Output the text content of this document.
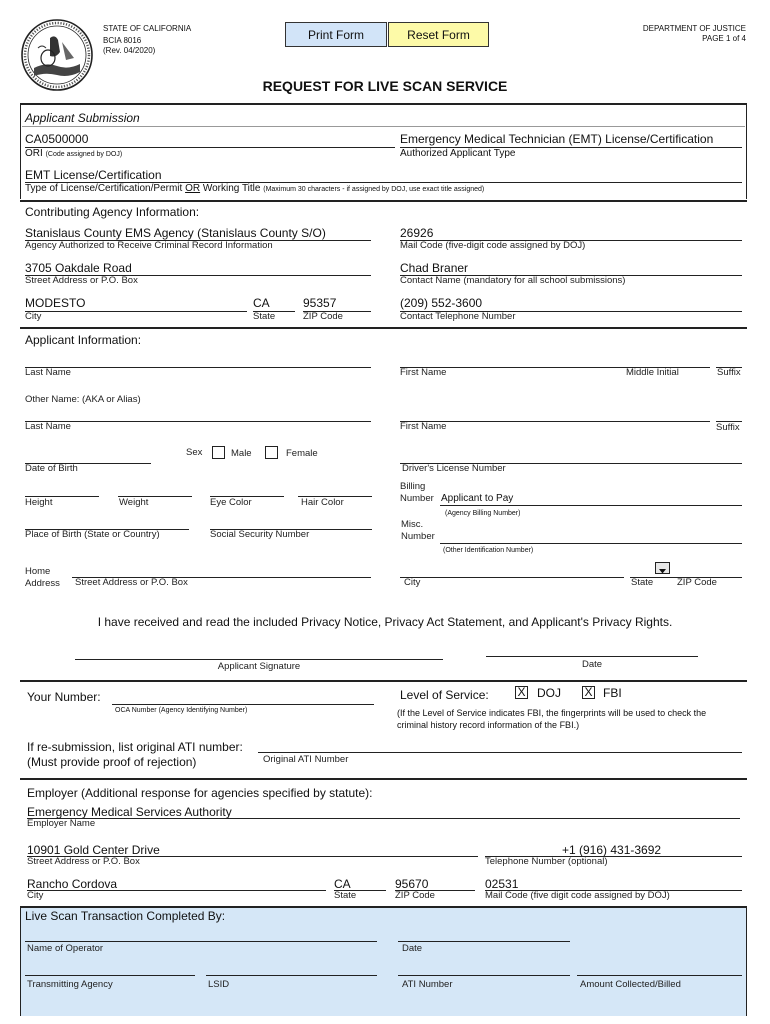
STATE OF CALIFORNIA
BCIA 8016
(Rev. 04/2020)
Print Form	Reset Form	DEPARTMENT OF JUSTICE
PAGE 1 of 4
REQUEST FOR LIVE SCAN SERVICE
Applicant Submission
CA0500000
ORI (Code assigned by DOJ)
Emergency Medical Technician (EMT) License/Certification
Authorized Applicant Type
EMT License/Certification
Type of License/Certification/Permit OR Working Title (Maximum 30 characters - if assigned by DOJ, use exact title assigned)
Contributing Agency Information:
Stanislaus County EMS Agency (Stanislaus County S/O)
Agency Authorized to Receive Criminal Record Information
26926
Mail Code (five-digit code assigned by DOJ)
3705 Oakdale Road
Street Address or P.O. Box
Chad Braner
Contact Name (mandatory for all school submissions)
MODESTO
City
CA
State
95357
ZIP Code
(209) 552-3600
Contact Telephone Number
Applicant Information:
Last Name	First Name	Middle Initial	Suffix
Other Name: (AKA or Alias)
Last Name	First Name	Suffix
Sex	Male	Female
Date of Birth	Driver's License Number
Height	Weight	Eye Color	Hair Color
Billing
Number Applicant to Pay
(Agency Billing Number)
Place of Birth (State or Country)	Social Security Number
Misc.
Number
(Other Identification Number)
Home
Address Street Address or P.O. Box	City	State	ZIP Code
I have received and read the included Privacy Notice, Privacy Act Statement, and Applicant's Privacy Rights.
Applicant Signature	Date
Your Number:
OCA Number (Agency Identifying Number)
Level of Service: X DOJ X FBI
(If the Level of Service indicates FBI, the fingerprints will be used to check the
criminal history record information of the FBI.)
If re-submission, list original ATI number:
(Must provide proof of rejection)	Original ATI Number
Employer (Additional response for agencies specified by statute):
Emergency Medical Services Authority
Employer Name
10901 Gold Center Drive
Street Address or P.O. Box
+1 (916) 431-3692
Telephone Number (optional)
Rancho Cordova
City
CA
State
95670
ZIP Code
02531
Mail Code (five digit code assigned by DOJ)
Live Scan Transaction Completed By:
Name of Operator	Date
Transmitting Agency	LSID	ATI Number	Amount Collected/Billed
